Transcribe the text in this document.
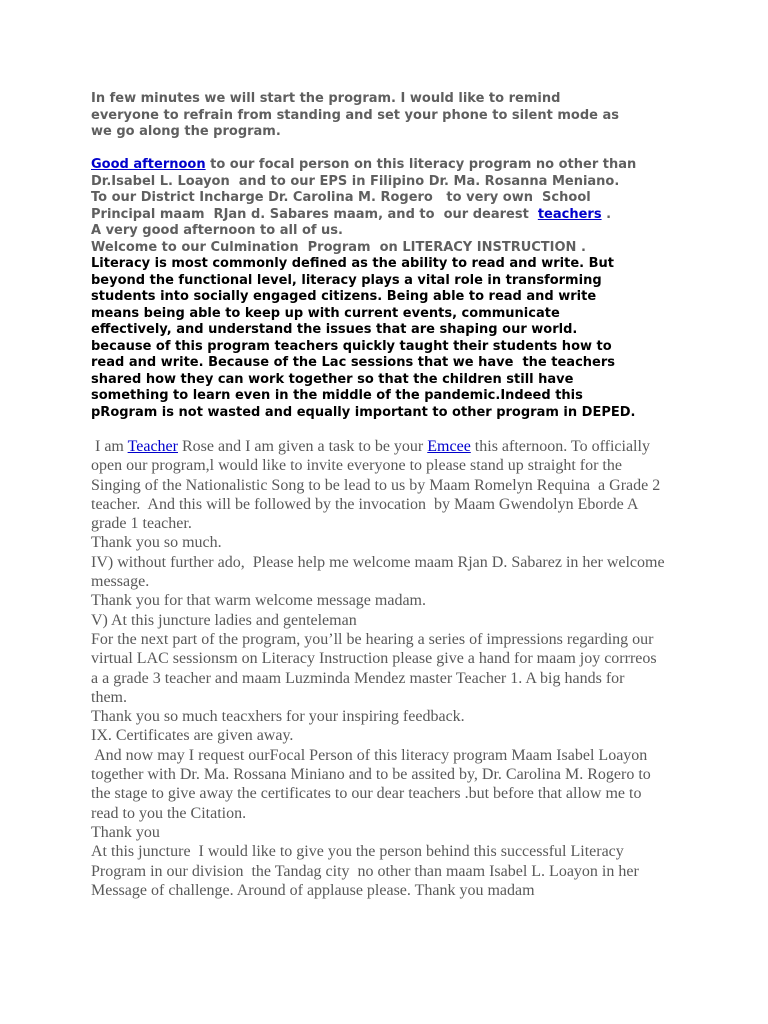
In few minutes we will start the program. I would like to remind
everyone to refrain from standing and set your phone to silent mode as
we go along the program.
Good afternoon to our focal person on this literacy program no other than
Dr.Isabel L. Loayon  and to our EPS in Filipino Dr. Ma. Rosanna Meniano.
To our District Incharge Dr. Carolina M. Rogero   to very own  School
Principal maam  RJan d. Sabares maam, and to  our dearest  teachers .
A very good afternoon to all of us.
Welcome to our Culmination  Program  on LITERACY INSTRUCTION .
Literacy is most commonly defined as the ability to read and write. But
beyond the functional level, literacy plays a vital role in transforming
students into socially engaged citizens. Being able to read and write
means being able to keep up with current events, communicate
effectively, and understand the issues that are shaping our world.
because of this program teachers quickly taught their students how to
read and write. Because of the Lac sessions that we have  the teachers
shared how they can work together so that the children still have
something to learn even in the middle of the pandemic.Indeed this
pRogram is not wasted and equally important to other program in DEPED.
I am Teacher Rose and I am given a task to be your Emcee this afternoon. To officially
open our program,l would like to invite everyone to please stand up straight for the
Singing of the Nationalistic Song to be lead to us by Maam Romelyn Requina  a Grade 2
teacher.  And this will be followed by the invocation  by Maam Gwendolyn Eborde A
grade 1 teacher.
Thank you so much.
IV) without further ado,  Please help me welcome maam Rjan D. Sabarez in her welcome
message.
Thank you for that warm welcome message madam.
V) At this juncture ladies and genteleman
For the next part of the program, you’ll be hearing a series of impressions regarding our
virtual LAC sessionsm on Literacy Instruction please give a hand for maam joy corrreos
a a grade 3 teacher and maam Luzminda Mendez master Teacher 1. A big hands for
them.
Thank you so much teacxhers for your inspiring feedback.
IX. Certificates are given away.
And now may I request ourFocal Person of this literacy program Maam Isabel Loayon
together with Dr. Ma. Rossana Miniano and to be assited by, Dr. Carolina M. Rogero to
the stage to give away the certificates to our dear teachers .but before that allow me to
read to you the Citation.
Thank you
At this juncture  I would like to give you the person behind this successful Literacy
Program in our division  the Tandag city  no other than maam Isabel L. Loayon in her
Message of challenge. Around of applause please. Thank you madam
